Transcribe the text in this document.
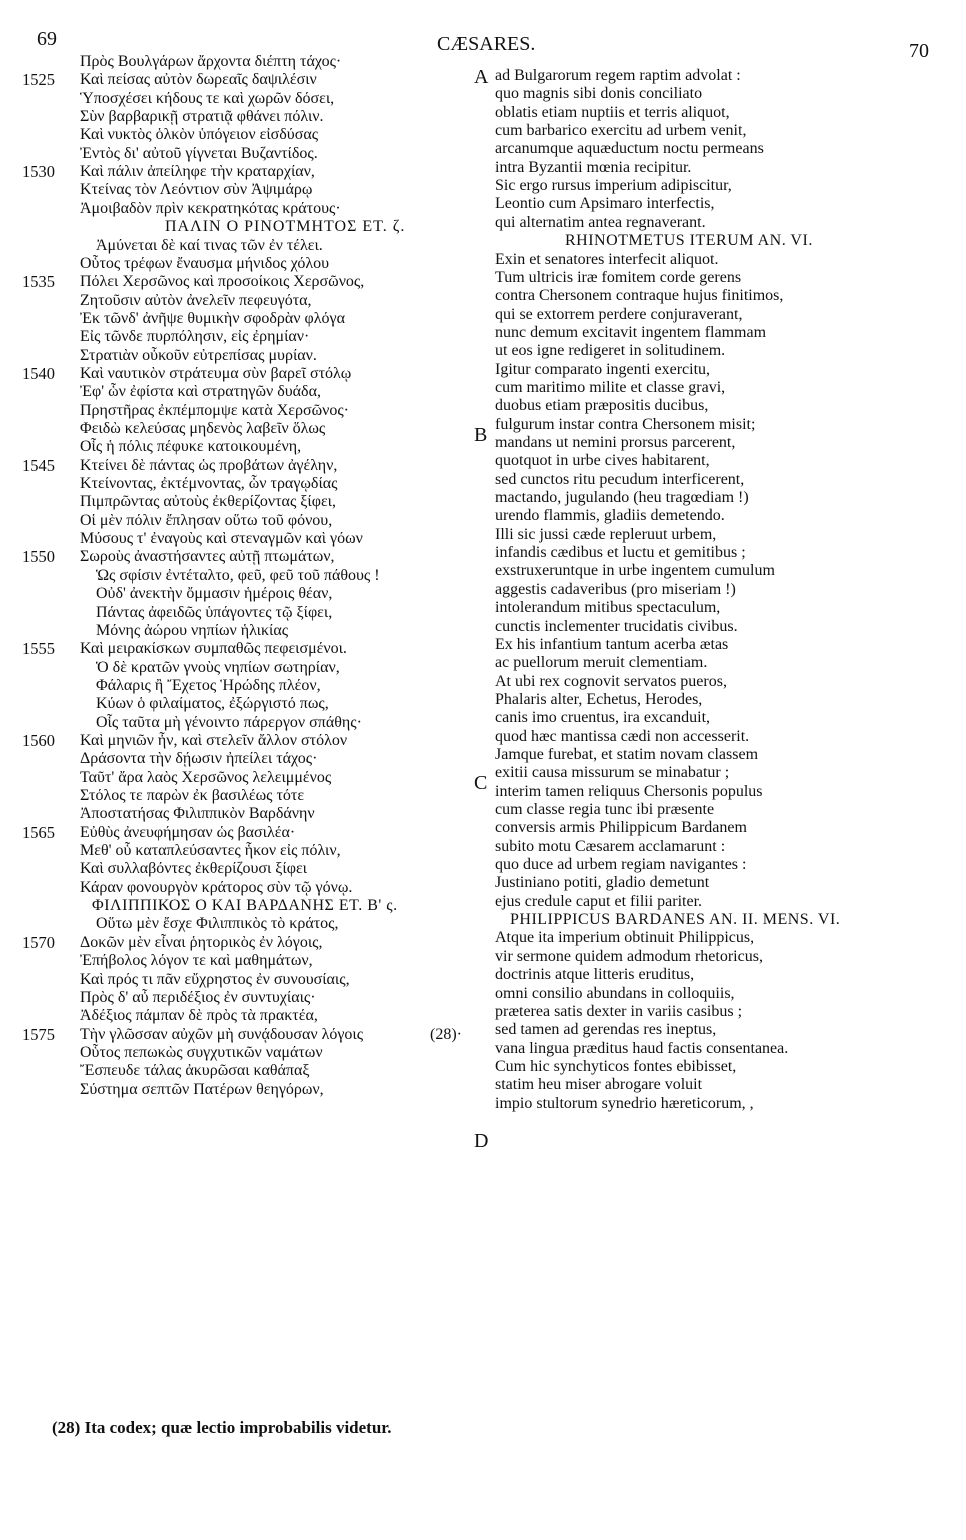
69	CÆSARES.	70
Πρὸς Βουλγάρων ἄρχοντα διέπτη τάχος·
1525	Καὶ πείσας αὐτὸν δωρεαῖς δαψιλέσιν
Ὑποσχέσει κήδους τε καὶ χωρῶν δόσει,
Σὺν βαρβαρικῇ στρατιᾷ φθάνει πόλιν.
Καὶ νυκτὸς ὁλκὸν ὑπόγειον εἰσδύσας
Ἐντὸς δι' αὐτοῦ γίγνεται Βυζαντίδος.
1530	Καὶ πάλιν ἀπείληφε τὴν κραταρχίαν,
Κτείνας τὸν Λεόντιον σὺν Ἀψιμάρῳ
Ἀμοιβαδὸν πρὶν κεκρατηκότας κράτους·
ΠΑΛΙΝ Ο ΡΙΝΟΤΜΗΤΟΣ ΕΤ. ζ.
Ἀμύνεται δὲ καί τινας τῶν ἐν τέλει.
Οὗτος τρέφων ἔναυσμα μήνιδος χόλου
1535	Πόλει Χερσῶνος καὶ προσοίκοις Χερσῶνος,
Ζητοῦσιν αὐτὸν ἀνελεῖν πεφευγότα,
Ἐκ τῶνδ' ἀνῆψε θυμικὴν σφοδρὰν φλόγα
Εἰς τῶνδε πυρπόλησιν, εἰς ἐρημίαν·
Στρατιὰν οὖκοῦν εὐτρεπίσας μυρίαν.
1540	Καὶ ναυτικὸν στράτευμα σὺν βαρεῖ στόλῳ
Ἐφ' ὧν ἐφίστα καὶ στρατηγῶν δυάδα,
Πρηστῆρας ἐκπέμπομψε κατὰ Χερσῶνος·
Φειδὼ κελεύσας μηδενὸς λαβεῖν ὅλως
Οἷς ἡ πόλις πέφυκε κατοικουμένη,
1545	Κτείνει δὲ πάντας ὡς προβάτων ἀγέλην,
Κτείνοντας, ἐκτέμνοντας, ὧν τραγῳδίας
Πιμπρῶντας αὐτοὺς ἐκθερίζοντας ξίφει,
Οἱ μὲν πόλιν ἔπλησαν οὕτω τοῦ φόνου,
Μύσους τ' ἐναγοὺς καὶ στεναγμῶν καὶ γόων
1550	Σωροὺς ἀναστήσαντες αὐτῇ πτωμάτων,
Ὡς σφίσιν ἐντέταλτο, φεῦ, φεῦ τοῦ πάθους !
Οὐδ' ἀνεκτὴν ὄμμασιν ἡμέροις θέαν,
Πάντας ἀφειδῶς ὑπάγοντες τῷ ξίφει,
Μόνης ἀώρου νηπίων ἡλικίας
1555	Καὶ μειρακίσκων συμπαθῶς πεφεισμένοι.
Ὁ δὲ κρατῶν γνοὺς νηπίων σωτηρίαν,
Φάλαρις ἢ Ἔχετος Ἡρώδης πλέον,
Κύων ὁ φιλαίματος, ἐξώργιστό πως,
Οἷς ταῦτα μὴ γένοιντο πάρεργον σπάθης·
1560	Καὶ μηνιῶν ἦν, καὶ στελεῖν ἄλλον στόλον
Δράσοντα τὴν δῄωσιν ἠπείλει τάχος·
Ταῦτ' ἄρα λαὸς Χερσῶνος λελειμμένος
Στόλος τε παρὼν ἐκ βασιλέως τότε
Ἀποστατήσας Φιλιππικὸν Βαρδάνην
1565	Εὐθὺς ἀνευφήμησαν ὡς βασιλέα·
Μεθ' οὗ καταπλεύσαντες ἧκον εἰς πόλιν,
Καὶ συλλαβόντες ἐκθερίζουσι ξίφει
Κάραν φονουργὸν κράτορος σὺν τῷ γόνῳ.
ΦΙΛΙΠΠΙΚΟΣ Ο ΚΑΙ ΒΑΡΔΑΝΗΣ ΕΤ. Β' ς.
Οὕτω μὲν ἔσχε Φιλιππικὸς τὸ κράτος,
1570	Δοκῶν μὲν εἶναι ῥητορικὸς ἐν λόγοις,
Ἐπήβολος λόγον τε καὶ μαθημάτων,
Καὶ πρός τι πᾶν εὔχρηστος ἐν συνουσίαις,
Πρὸς δ' αὖ περιδέξιος ἐν συντυχίαις·
Ἀδέξιος πάμπαν δὲ πρὸς τὰ πρακτέα,
1575	Τὴν γλῶσσαν αὐχῶν μὴ συνᾴδουσαν λόγοις	(28)·
Οὗτος πεπωκὼς συγχυτικῶν ναμάτων
Ἔσπευδε τάλας ἀκυρῶσαι καθάπαξ
Σύστημα σεπτῶν Πατέρων θεηγόρων,
ad Bulgarorum regem raptim advolat :
quo magnis sibi donis conciliato
oblatis etiam nuptiis et terris aliquot,
cum barbarico exercitu ad urbem venit,
arcanumque aquæductum noctu permeans
intra Byzantii mœnia recipitur.
Sic ergo rursus imperium adipiscitur,
Leontio cum Apsimaro interfectis,
qui alternatim antea regnaverant.
RHINOTMETUS ITERUM AN. VI.
Exin et senatores interfecit aliquot.
Tum ultricis iræ fomitem corde gerens
contra Chersonem contraque hujus finitimos,
qui se extorrem perdere conjuraverant,
nunc demum excitavit ingentem flammam
ut eos igne redigeret in solitudinem.
Igitur comparato ingenti exercitu,
cum maritimo milite et classe gravi,
duobus etiam præpositis ducibus,
fulgurum instar contra Chersonem misit;
mandans ut nemini prorsus parcerent,
quotquot in urbe cives habitarent,
sed cunctos ritu pecudum interficerent,
mactando, jugulando (heu tragœdiam !)
urendo flammis, gladiis demetendo.
Illi sic jussi cæde repleruut urbem,
infandis cædibus et luctu et gemitibus ;
exstruxeruntque in urbe ingentem cumulum
aggestis cadaveribus (pro miseriam !)
intolerandum mitibus spectaculum,
cunctis inclementer trucidatis civibus.
Ex his infantium tantum acerba ætas
ac puellorum meruit clementiam.
At ubi rex cognovit servatos pueros,
Phalaris alter, Echetus, Herodes,
canis imo cruentus, ira excanduit,
quod hæc mantissa cædi non accesserit.
Jamque furebat, et statim novam classem
exitii causa missurum se minabatur ;
interim tamen reliquus Chersonis populus
cum classe regia tunc ibi præsente
conversis armis Philippicum Bardanem
subito motu Cæsarem acclamarunt :
quo duce ad urbem regiam navigantes :
Justiniano potiti, gladio demetunt
ejus credule caput et filii pariter.
PHILIPPICUS BARDANES AN. II. MENS. VI.
Atque ita imperium obtinuit Philippicus,
vir sermone quidem admodum rhetoricus,
doctrinis atque litteris eruditus,
omni consilio abundans in colloquiis,
præterea satis dexter in variis casibus ;
sed tamen ad gerendas res ineptus,
vana lingua præditus haud factis consentanea.
Cum hic synchyticos fontes ebibisset,
statim heu miser abrogare voluit
impio stultorum synedrio hæreticorum, ,
A
B
C
D
(28) Ita codex; quæ lectio improbabilis videtur.
